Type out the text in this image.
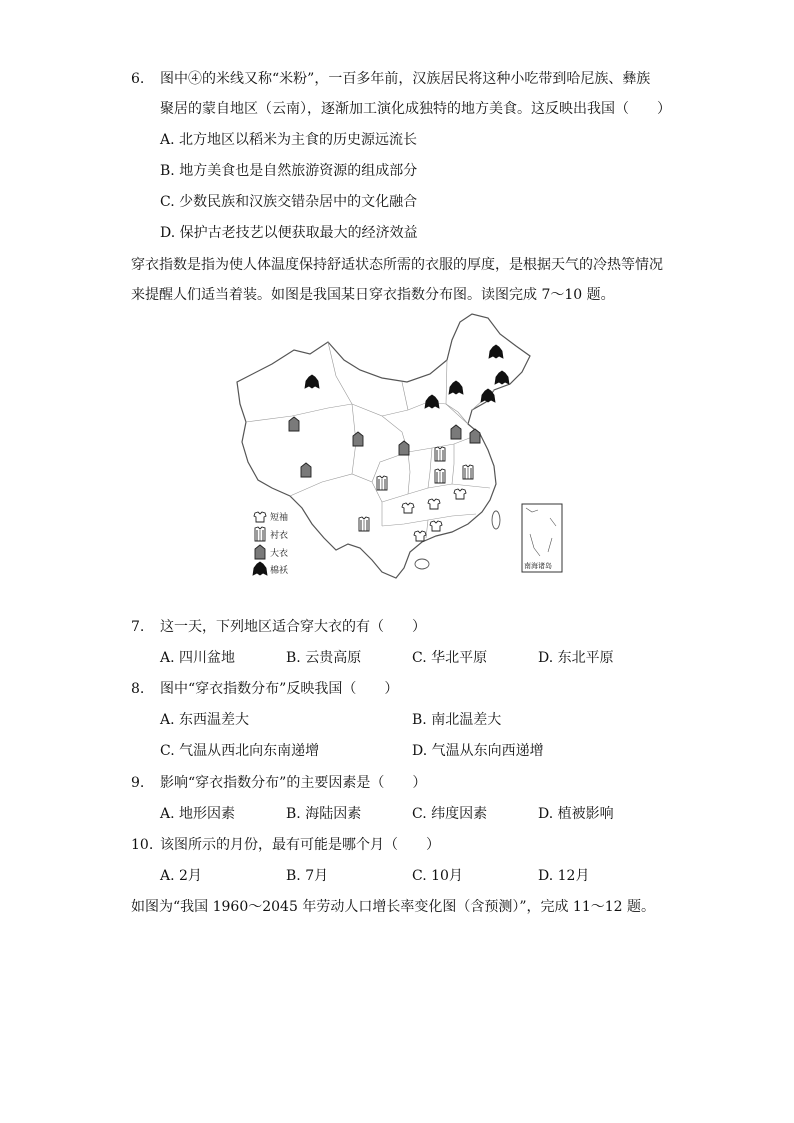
6. 图中④的米线又称“米粉”，一百多年前，汉族居民将这种小吃带到哈尼族、彝族
聚居的蒙自地区（云南），逐渐加工演化成独特的地方美食。这反映出我国（　　）
A. 北方地区以稻米为主食的历史源远流长
B. 地方美食也是自然旅游资源的组成部分
C. 少数民族和汉族交错杂居中的文化融合
D. 保护古老技艺以便获取最大的经济效益
穿衣指数是指为使人体温度保持舒适状态所需的衣服的厚度，是根据天气的冷热等情况
来提醒人们适当着装。如图是我国某日穿衣指数分布图。读图完成 7～10 题。
南海诸岛
短袖
衬衣
大衣
棉袄
7. 这一天，下列地区适合穿大衣的有（　　）
A. 四川盆地	B. 云贵高原	C. 华北平原	D. 东北平原
8. 图中“穿衣指数分布”反映我国（　　）
A. 东西温差大	B. 南北温差大
C. 气温从西北向东南递增	D. 气温从东向西递增
9. 影响“穿衣指数分布”的主要因素是（　　）
A. 地形因素	B. 海陆因素	C. 纬度因素	D. 植被影响
10. 该图所示的月份，最有可能是哪个月（　　）
A. 2月	B. 7月	C. 10月	D. 12月
如图为“我国 1960～2045 年劳动人口增长率变化图（含预测）”，完成 11～12 题。
